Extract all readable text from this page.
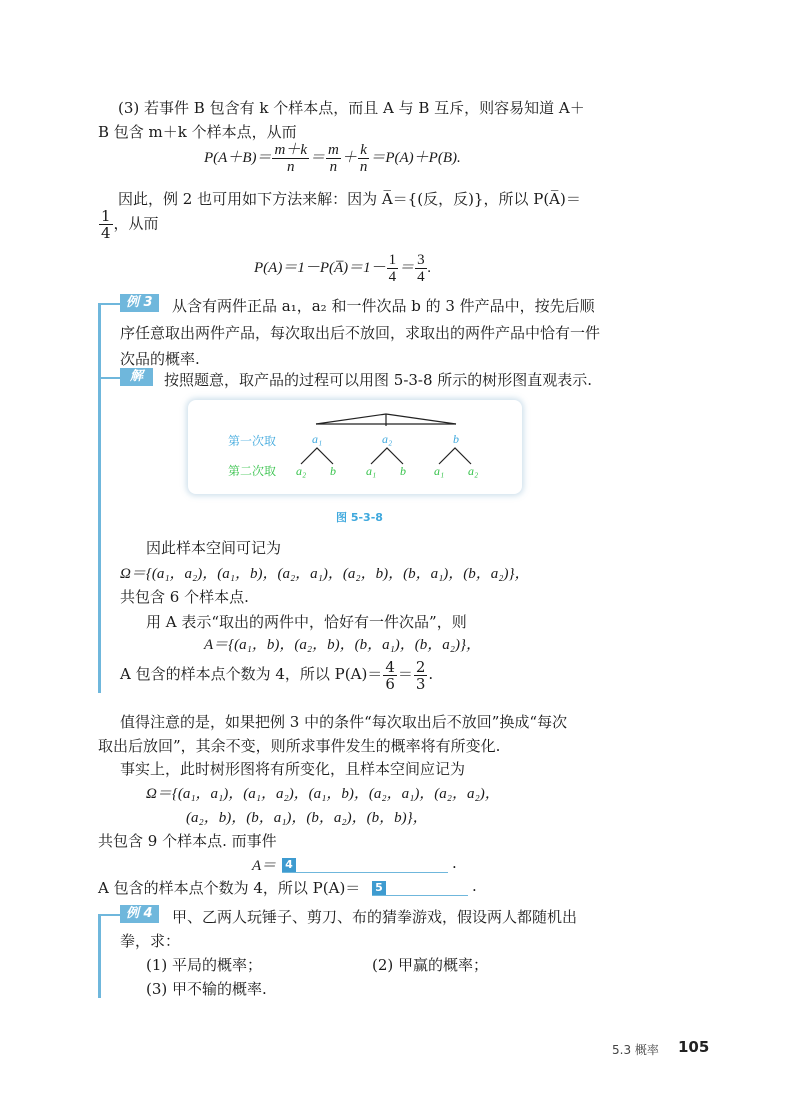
(3) 若事件 B 包含有 k 个样本点，而且 A 与 B 互斥，则容易知道 A＋
B 包含 m＋k 个样本点，从而
$P(A+B)= \frac{m+k}{n} = \frac{m}{n} + \frac{k}{n} =P(A)+P(B)$.
因此，例 2 也可用如下方法来解：因为 A̅＝{(反，反)}，所以 P(A̅)＝
$\frac{1}{4}$ ，从而
P(A)＝1－P(A̅)＝1－ $\frac{1}{4} = \frac{3}{4}$ .
例 3	从含有两件正品 a₁，a₂ 和一件次品 b 的 3 件产品中，按先后顺
序任意取出两件产品，每次取出后不放回，求取出的两件产品中恰有一件
次品的概率.
解	按照题意，取产品的过程可以用图 5-3-8 所示的树形图直观表示.
第一次取
第二次取
a₁	a₂	b
a₂ b	a₁ b a₁ a₂
图 5-3-8
因此样本空间可记为
Ω＝{(a₁，a₂)，(a₁，b)，(a₂，a₁)，(a₂，b)，(b，a₁)，(b，a₂)}，
共包含 6 个样本点.
用 A 表示“取出的两件中，恰好有一件次品”，则
A＝{(a₁，b)，(a₂，b)，(b，a₁)，(b，a₂)}，
A 包含的样本点个数为 4，所以 $P(A)= \frac{4}{6} = \frac{2}{3}$ .
值得注意的是，如果把例 3 中的条件“每次取出后不放回”换成“每次
取出后放回”，其余不变，则所求事件发生的概率将有所变化.
事实上，此时树形图将有所变化，且样本空间应记为
Ω＝{(a₁，a₁)，(a₁，a₂)，(a₁，b)，(a₂，a₁)，(a₂，a₂)，
(a₂，b)，(b，a₁)，(b，a₂)，(b，b)}，
共包含 9 个样本点. 而事件
A＝ 4	.
A 包含的样本点个数为 4，所以 P(A)＝ 5	.
例 4	甲、乙两人玩锤子、剪刀、布的猜拳游戏，假设两人都随机出
拳，求：
(1) 平局的概率；	(2) 甲赢的概率；
(3) 甲不输的概率.
5.3 概率 105
